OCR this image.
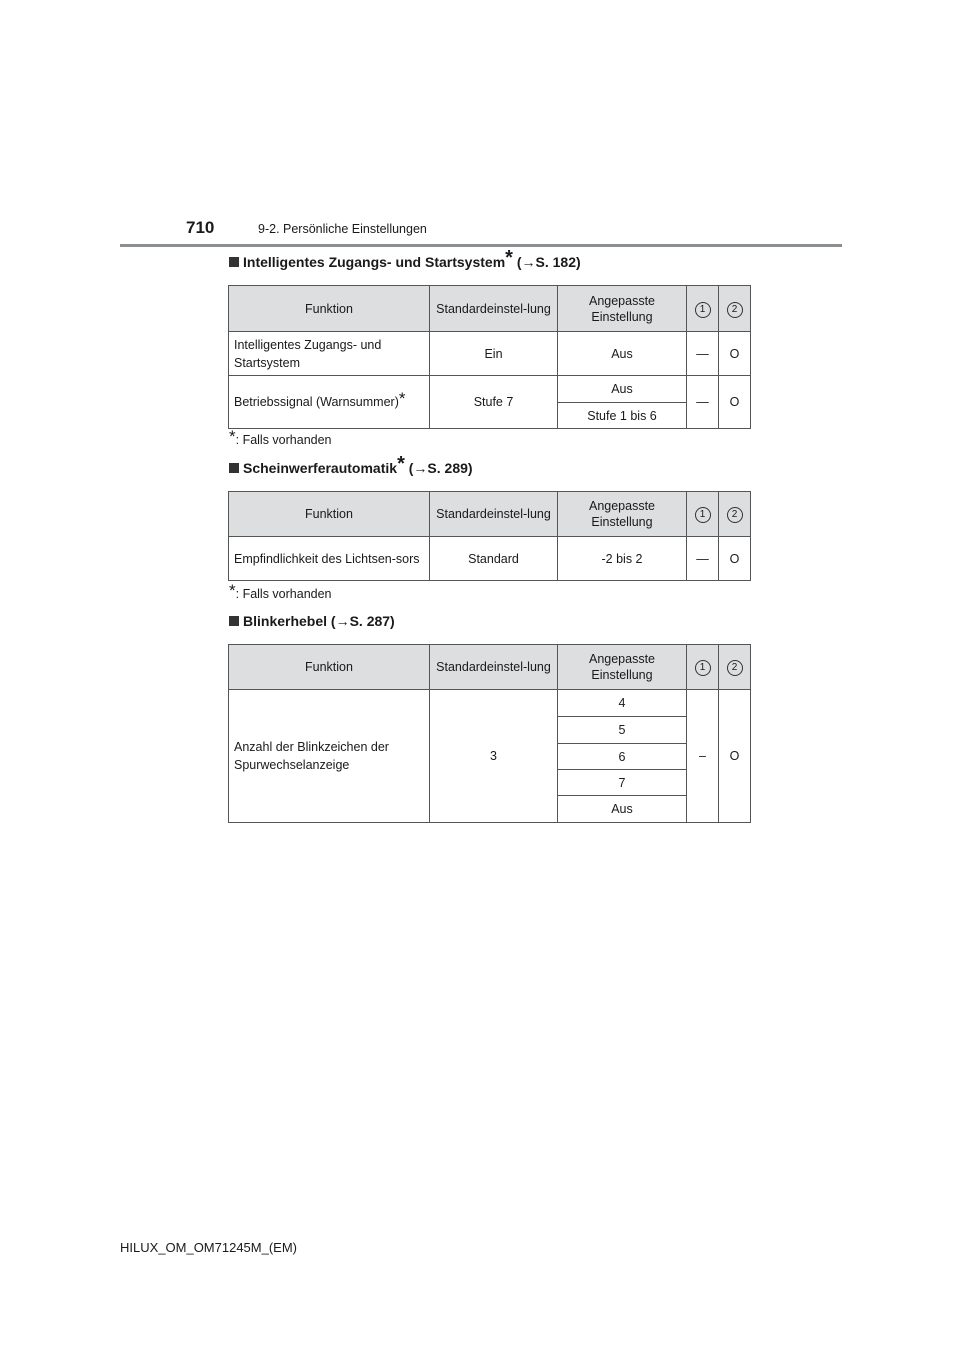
710	9-2. Persönliche Einstellungen
Intelligentes Zugangs- und Startsystem* (→S. 182)
Funktion	Standardeinstel-lung	Angepasste Einstellung	1	2
Intelligentes Zugangs- und Startsystem	Ein	Aus	—	O
Betriebssignal (Warnsummer)*	Stufe 7	Aus	—	O
		Stufe 1 bis 6		
*: Falls vorhanden
Scheinwerferautomatik* (→S. 289)
Funktion	Standardeinstel-lung	Angepasste Einstellung	1	2
Empfindlichkeit des Lichtsen-sors	Standard	-2 bis 2	—	O
*: Falls vorhanden
Blinkerhebel (→S. 287)
Funktion	Standardeinstel-lung	Angepasste Einstellung	1	2
Anzahl der Blinkzeichen der Spurwechselanzeige	3	4	–	O
		5		
		6		
		7		
		Aus		
HILUX_OM_OM71245M_(EM)
